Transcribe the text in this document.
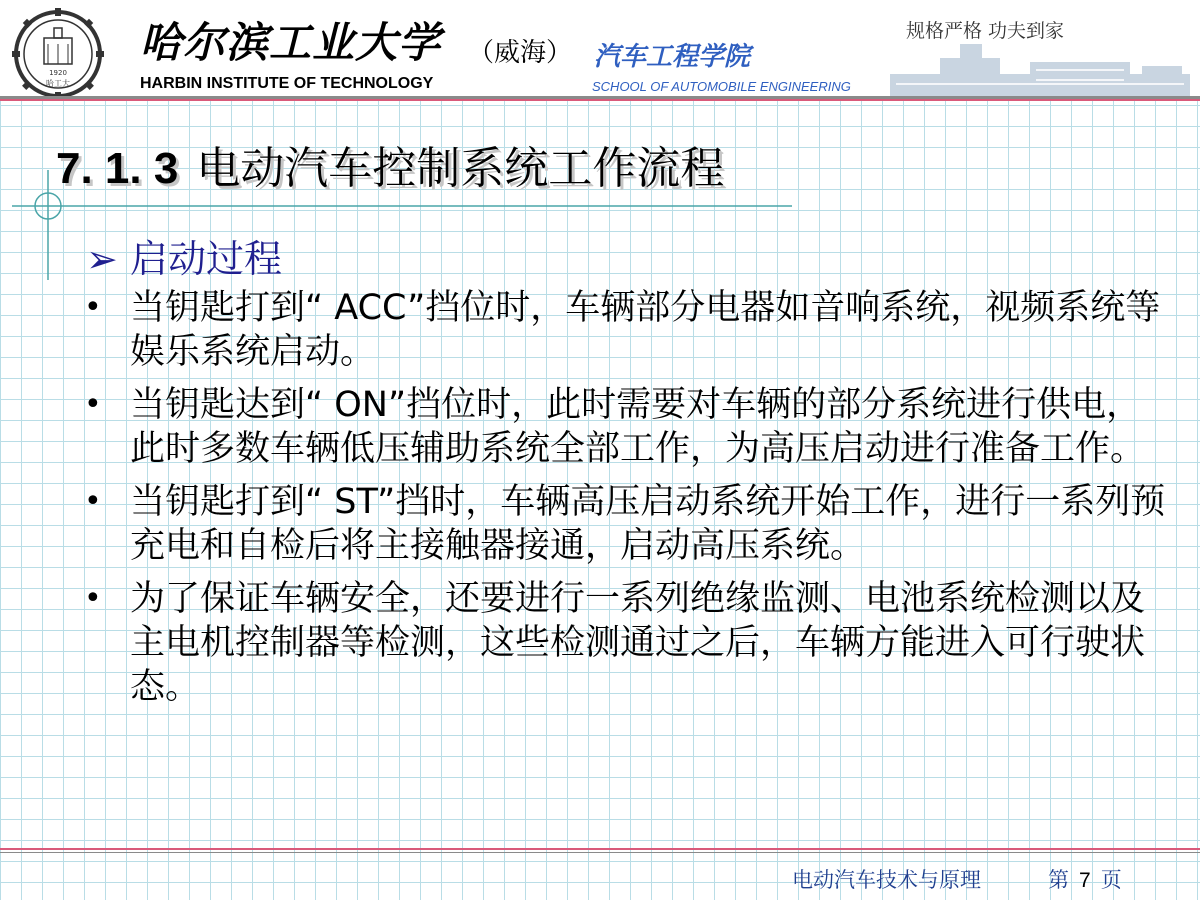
1920
哈工大
哈尔滨工业大学 （威海） 汽车工程学院
HARBIN INSTITUTE OF TECHNOLOGY	SCHOOL OF AUTOMOBILE ENGINEERING
规格严格 功夫到家
7. 1. 3 电动汽车控制系统工作流程
➢ 启动过程
• 当钥匙打到“ ACC”挡位时，车辆部分电器如音响系统，视频系统等娱乐系统启动。
• 当钥匙达到“ ON”挡位时，此时需要对车辆的部分系统进行供电，此时多数车辆低压辅助系统全部工作，为高压启动进行准备工作。
• 当钥匙打到“ ST”挡时，车辆高压启动系统开始工作，进行一系列预充电和自检后将主接触器接通，启动高压系统。
• 为了保证车辆安全，还要进行一系列绝缘监测、电池系统检测以及主电机控制器等检测，这些检测通过之后，车辆方能进入可行驶状态。
电动汽车技术与原理	第 7 页
